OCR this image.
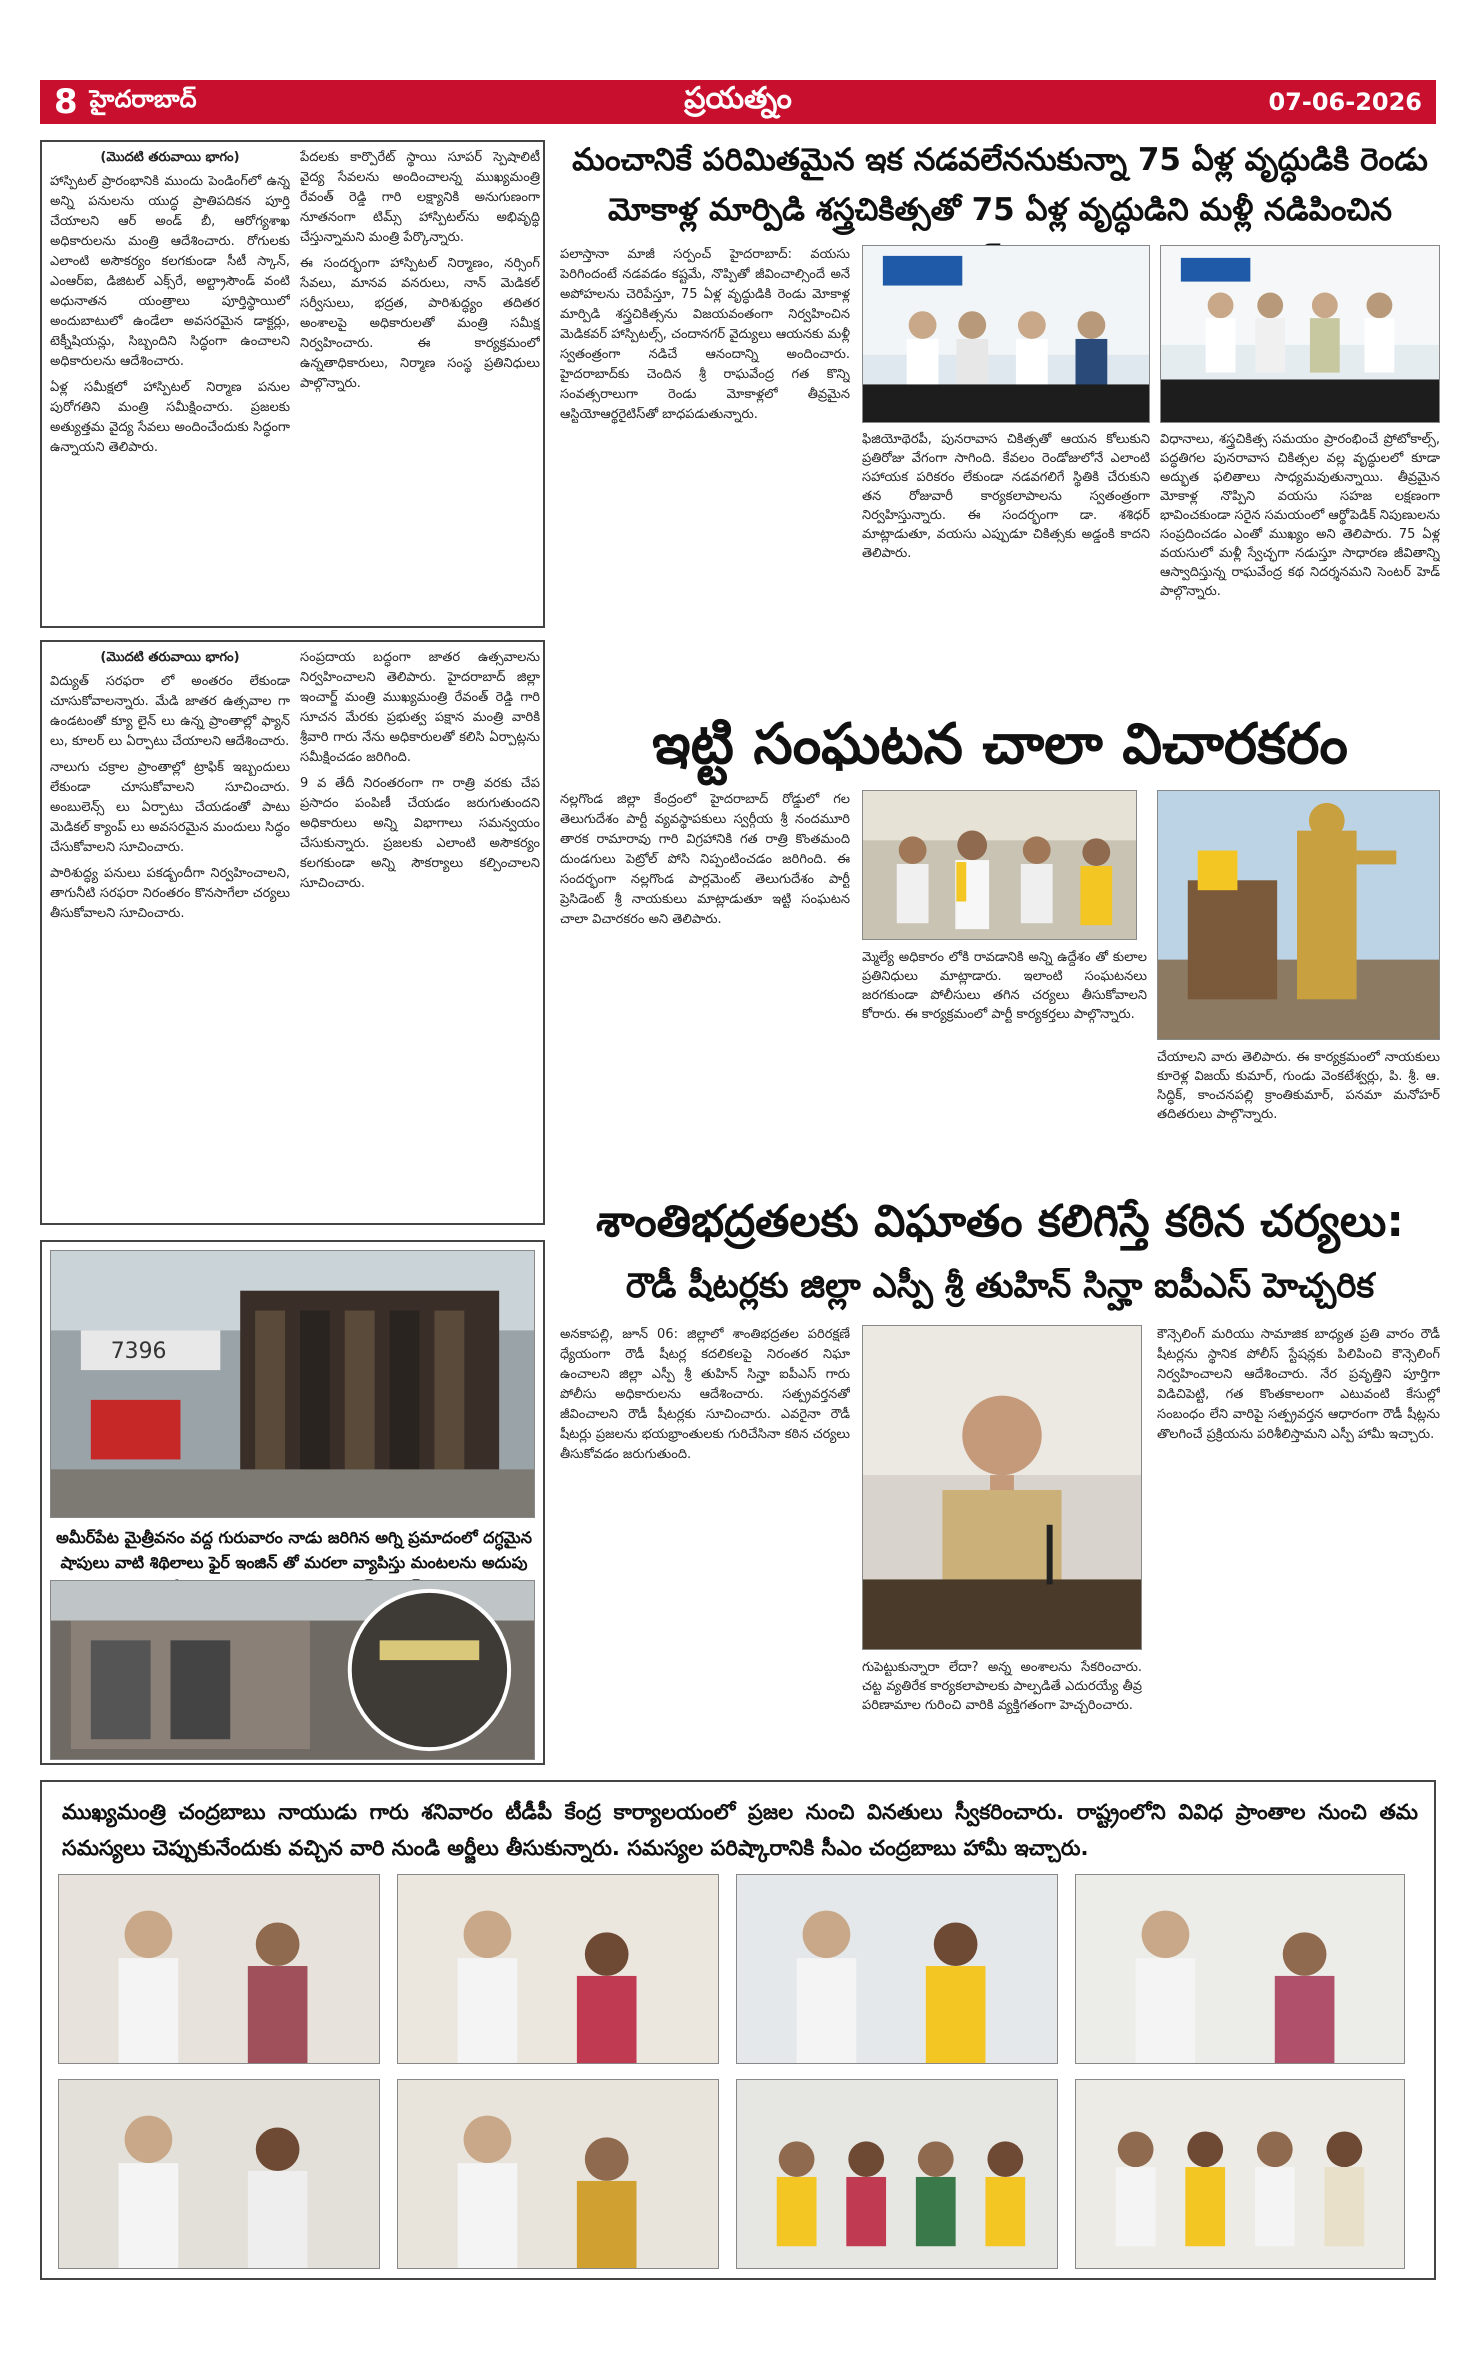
8 హైదరాబాద్	ప్రయత్నం	07-06-2026
(మొదటి తరువాయి భాగం)

హాస్పిటల్ ప్రారంభానికి ముందు పెండింగ్‌లో ఉన్న అన్ని పనులను యుద్ధ ప్రాతిపదికన పూర్తి చేయాలని ఆర్ అండ్ బీ, ఆరోగ్యశాఖ అధికారులను మంత్రి ఆదేశించారు. రోగులకు ఎలాంటి అసౌకర్యం కలగకుండా సీటీ స్కాన్, ఎంఆర్ఐ, డిజిటల్ ఎక్స్‌రే, అల్ట్రాసౌండ్ వంటి అధునాతన యంత్రాలు పూర్తిస్థాయిలో అందుబాటులో ఉండేలా అవసరమైన డాక్టర్లు, టెక్నీషియన్లు, సిబ్బందిని సిద్ధంగా ఉంచాలని అధికారులను ఆదేశించారు.

ఏళ్ల సమీక్షలో హాస్పిటల్ నిర్మాణ పనుల పురోగతిని మంత్రి సమీక్షించారు. ప్రజలకు అత్యుత్తమ వైద్య సేవలు అందించేందుకు సిద్ధంగా ఉన్నాయని తెలిపారు.

పేదలకు కార్పొరేట్ స్థాయి సూపర్ స్పెషాలిటీ వైద్య సేవలను అందించాలన్న ముఖ్యమంత్రి రేవంత్ రెడ్డి గారి లక్ష్యానికి అనుగుణంగా నూతనంగా టిమ్స్ హాస్పిటల్‌ను అభివృద్ధి చేస్తున్నామని మంత్రి పేర్కొన్నారు.

ఈ సందర్భంగా హాస్పిటల్ నిర్మాణం, నర్సింగ్ సేవలు, మానవ వనరులు, నాన్ మెడికల్ సర్వీసులు, భద్రత, పారిశుద్ధ్యం తదితర అంశాలపై అధికారులతో మంత్రి సమీక్ష నిర్వహించారు. ఈ కార్యక్రమంలో ఉన్నతాధికారులు, నిర్మాణ సంస్థ ప్రతినిధులు పాల్గొన్నారు.

(మొదటి తరువాయి భాగం)

విద్యుత్ సరఫరా లో అంతరం లేకుండా చూసుకోవాలన్నారు. మేడి జాతర ఉత్సవాల గా ఉండటంతో క్యూ లైన్ లు ఉన్న ప్రాంతాల్లో ఫ్యాన్ లు, కూలర్ లు ఏర్పాటు చేయాలని ఆదేశించారు.

నాలుగు చక్రాల ప్రాంతాల్లో ట్రాఫిక్ ఇబ్బందులు లేకుండా చూసుకోవాలని సూచించారు. అంబులెన్స్ లు ఏర్పాటు చేయడంతో పాటు మెడికల్ క్యాంప్ లు అవసరమైన మందులు సిద్ధం చేసుకోవాలని సూచించారు.

పారిశుద్ధ్య పనులు పకడ్బందీగా నిర్వహించాలని, తాగునీటి సరఫరా నిరంతరం కొనసాగేలా చర్యలు తీసుకోవాలని సూచించారు.

సంప్రదాయ బద్ధంగా జాతర ఉత్సవాలను నిర్వహించాలని తెలిపారు. హైదరాబాద్ జిల్లా ఇంచార్జ్ మంత్రి ముఖ్యమంత్రి రేవంత్ రెడ్డి గారి సూచన మేరకు ప్రభుత్వ పక్షాన మంత్రి వారికి శ్రీవారి గారు నేను అధికారులతో కలిసి ఏర్పాట్లను సమీక్షించడం జరిగింది.

9 వ తేదీ నిరంతరంగా గా రాత్రి వరకు చేప ప్రసాదం పంపిణీ చేయడం జరుగుతుందని అధికారులు అన్ని విభాగాలు సమన్వయం చేసుకున్నారు. ప్రజలకు ఎలాంటి అసౌకర్యం కలగకుండా అన్ని సౌకర్యాలు కల్పించాలని సూచించారు.

7396
అమీర్‌పేట మైత్రీవనం వద్ద గురువారం నాడు జరిగిన అగ్ని ప్రమాదంలో దగ్ధమైన షాపులు వాటి శిథిలాలు ఫైర్ ఇంజిన్ తో మరలా వ్యాపిస్తు మంటలను అదుపు
మంచానికే పరిమితమైన ఇక నడవలేననుకున్నా 75 ఏళ్ల వృద్ధుడికి రెండు మోకాళ్ల మార్పిడి శస్త్రచికిత్సతో 75 ఏళ్ల వృద్ధుడిని మళ్లీ నడిపించిన
పలాస్తానా మాజీ సర్పంచ్ హైదరాబాద్: వయసు పెరిగిందంటే నడవడం కష్టమే, నొప్పితో జీవించాల్సిందే అనే అపోహలను చెరిపేస్తూ, 75 ఏళ్ల వృద్ధుడికి రెండు మోకాళ్ల మార్పిడి శస్త్రచికిత్సను విజయవంతంగా నిర్వహించిన మెడికవర్ హాస్పిటల్స్, చందానగర్ వైద్యులు ఆయనకు మళ్లీ స్వతంత్రంగా నడిచే ఆనందాన్ని అందించారు. హైదరాబాద్‌కు చెందిన శ్రీ రాఘవేంద్ర గత కొన్ని సంవత్సరాలుగా రెండు మోకాళ్లలో తీవ్రమైన ఆస్టియోఆర్థరైటిస్‌తో బాధపడుతున్నారు.
ఫిజియోథెరపీ, పునరావాస చికిత్సతో ఆయన కోలుకుని ప్రతిరోజు వేగంగా సాగింది. కేవలం రెండోజులోనే ఎలాంటి సహాయక పరికరం లేకుండా నడవగలిగే స్థితికి చేరుకుని తన రోజువారీ కార్యకలాపాలను స్వతంత్రంగా నిర్వహిస్తున్నారు. ఈ సందర్భంగా డా. శశిధర్ మాట్లాడుతూ, వయసు ఎప్పుడూ చికిత్సకు అడ్డంకి కాదని తెలిపారు.
విధానాలు, శస్త్రచికిత్స సమయం ప్రారంభించే ప్రోటోకాల్స్, పద్ధతిగల పునరావాస చికిత్సల వల్ల వృద్ధులలో కూడా అద్భుత ఫలితాలు సాధ్యమవుతున్నాయి. తీవ్రమైన మోకాళ్ల నొప్పిని వయసు సహజ లక్షణంగా భావించకుండా సరైన సమయంలో ఆర్థోపెడిక్ నిపుణులను సంప్రదించడం ఎంతో ముఖ్యం అని తెలిపారు. 75 ఏళ్ల వయసులో మళ్లీ స్వేచ్ఛగా నడుస్తూ సాధారణ జీవితాన్ని ఆస్వాదిస్తున్న రాఘవేంద్ర కథ నిదర్శనమని సెంటర్ హెడ్ పాల్గొన్నారు.
ఇట్టి సంఘటన చాలా విచారకరం
నల్లగొండ జిల్లా కేంద్రంలో హైదరాబాద్ రోడ్డులో గల తెలుగుదేశం పార్టీ వ్యవస్థాపకులు స్వర్గీయ శ్రీ నందమూరి తారక రామారావు గారి విగ్రహానికి గత రాత్రి కొంతమంది దుండగులు పెట్రోల్ పోసి నిప్పంటించడం జరిగింది. ఈ సందర్భంగా నల్లగొండ పార్లమెంట్ తెలుగుదేశం పార్టీ ప్రెసిడెంట్ శ్రీ నాయకులు మాట్లాడుతూ ఇట్టి సంఘటన చాలా విచారకరం అని తెలిపారు.
మ్మెల్యే అధికారం లోకి రావడానికి అన్ని ఉద్దేశం తో కులాల ప్రతినిధులు మాట్లాడారు. ఇలాంటి సంఘటనలు జరగకుండా పోలీసులు తగిన చర్యలు తీసుకోవాలని కోరారు. ఈ కార్యక్రమంలో పార్టీ కార్యకర్తలు పాల్గొన్నారు.
చేయాలని వారు తెలిపారు. ఈ కార్యక్రమంలో నాయకులు కూరెళ్ల విజయ్ కుమార్, గుండు వెంకటేశ్వర్లు, పి. శ్రీ. ఆ. సిద్ధిక్, కాంచనపల్లి క్రాంతికుమార్, పనమా మనోహర్ తదితరులు పాల్గొన్నారు.
శాంతిభద్రతలకు విఘాతం కలిగిస్తే కఠిన చర్యలు:
రౌడీ షీటర్లకు జిల్లా ఎస్పీ శ్రీ తుహిన్ సిన్హా ఐపీఎస్ హెచ్చరిక
అనకాపల్లి, జూన్ 06: జిల్లాలో శాంతిభద్రతల పరిరక్షణే ధ్యేయంగా రౌడీ షీటర్ల కదలికలపై నిరంతర నిఘా ఉంచాలని జిల్లా ఎస్పీ శ్రీ తుహిన్ సిన్హా ఐపీఎస్ గారు పోలీసు అధికారులను ఆదేశించారు. సత్ప్రవర్తనతో జీవించాలని రౌడీ షీటర్లకు సూచించారు. ఎవరైనా రౌడీ షీటర్లు ప్రజలను భయభ్రాంతులకు గురిచేసినా కఠిన చర్యలు తీసుకోవడం జరుగుతుంది.
గుపెట్టుకున్నారా లేదా? అన్న అంశాలను సేకరించారు. చట్ట వ్యతిరేక కార్యకలాపాలకు పాల్పడితే ఎదురయ్యే తీవ్ర పరిణామాల గురించి వారికి వ్యక్తిగతంగా హెచ్చరించారు.
కౌన్సెలింగ్ మరియు సామాజిక బాధ్యత ప్రతి వారం రౌడీ షీటర్లను స్థానిక పోలీస్ స్టేషన్లకు పిలిపించి కౌన్సెలింగ్ నిర్వహించాలని ఆదేశించారు. నేర ప్రవృత్తిని పూర్తిగా విడిచిపెట్టి, గత కొంతకాలంగా ఎటువంటి కేసుల్లో సంబంధం లేని వారిపై సత్ప్రవర్తన ఆధారంగా రౌడీ షీట్లను తొలగించే ప్రక్రియను పరిశీలిస్తామని ఎస్పీ హామీ ఇచ్చారు.
ముఖ్యమంత్రి చంద్రబాబు నాయుడు గారు శనివారం టీడీపీ కేంద్ర కార్యాలయంలో ప్రజల నుంచి వినతులు స్వీకరించారు. రాష్ట్రంలోని వివిధ ప్రాంతాల నుంచి తమ సమస్యలు చెప్పుకునేందుకు వచ్చిన వారి నుండి అర్జీలు తీసుకున్నారు. సమస్యల పరిష్కారానికి సీఎం చంద్రబాబు హామీ ఇచ్చారు.
